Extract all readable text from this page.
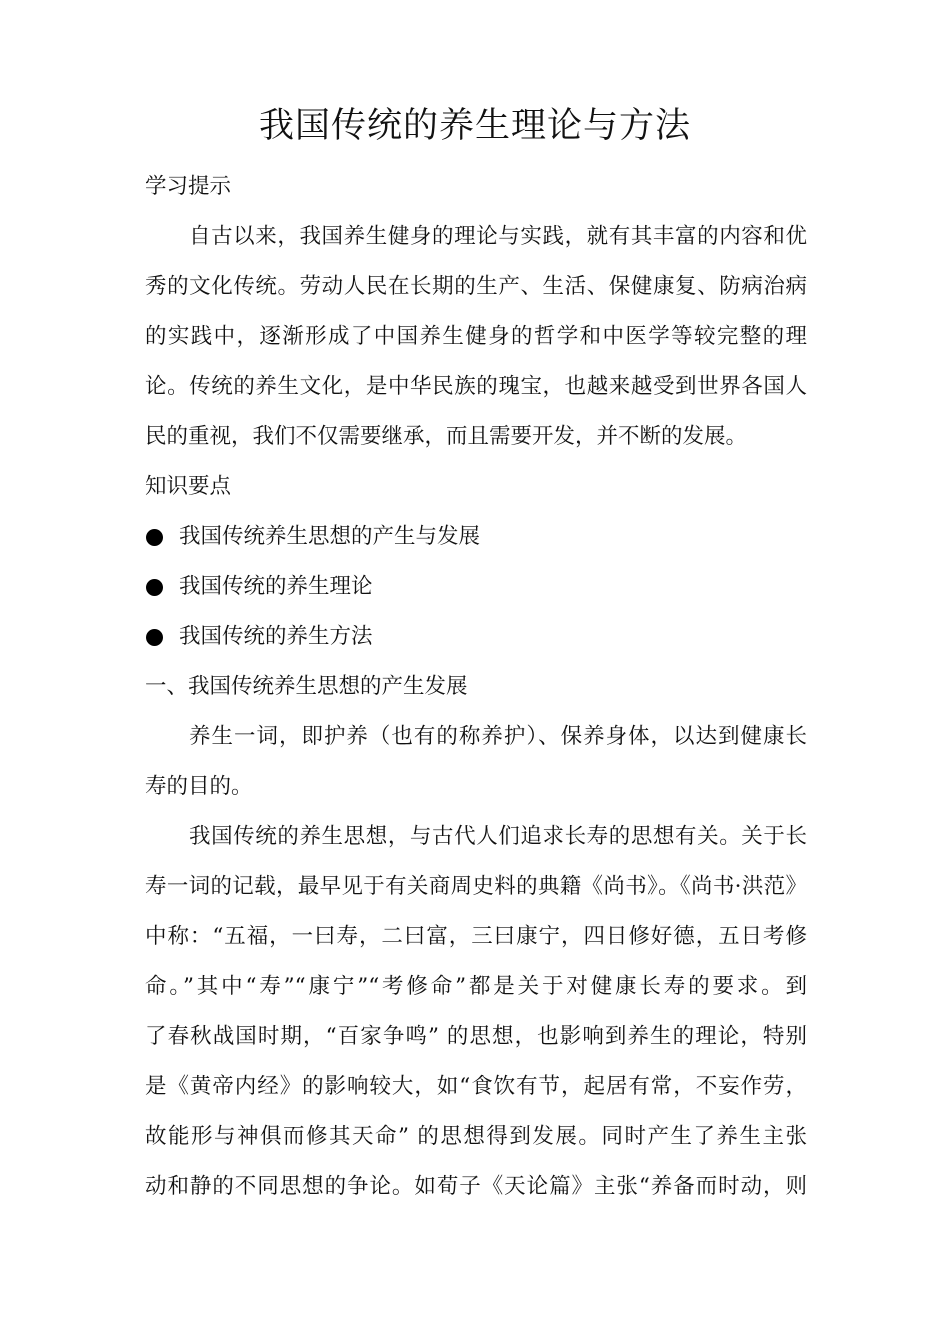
我国传统的养生理论与方法
学习提示
自古以来，我国养生健身的理论与实践，就有其丰富的内容和优
秀的文化传统。劳动人民在长期的生产、生活、保健康复、防病治病
的实践中，逐渐形成了中国养生健身的哲学和中医学等较完整的理
论。传统的养生文化，是中华民族的瑰宝，也越来越受到世界各国人
民的重视，我们不仅需要继承，而且需要开发，并不断的发展。
知识要点
我国传统养生思想的产生与发展
我国传统的养生理论
我国传统的养生方法
一、我国传统养生思想的产生发展
养生一词，即护养（也有的称养护）、保养身体，以达到健康长
寿的目的。
我国传统的养生思想，与古代人们追求长寿的思想有关。关于长
寿一词的记载，最早见于有关商周史料的典籍《尚书》。《尚书·洪范》
中称：“五福，一曰寿，二曰富，三曰康宁，四日修好德，五日考修
命。”其中“寿”“康宁”“考修命”都是关于对健康长寿的要求。到
了春秋战国时期，“百家争鸣” 的思想，也影响到养生的理论，特别
是《黄帝内经》的影响较大，如“食饮有节，起居有常，不妄作劳，
故能形与神俱而修其天命” 的思想得到发展。同时产生了养生主张
动和静的不同思想的争论。如荀子《天论篇》主张“养备而时动，则
